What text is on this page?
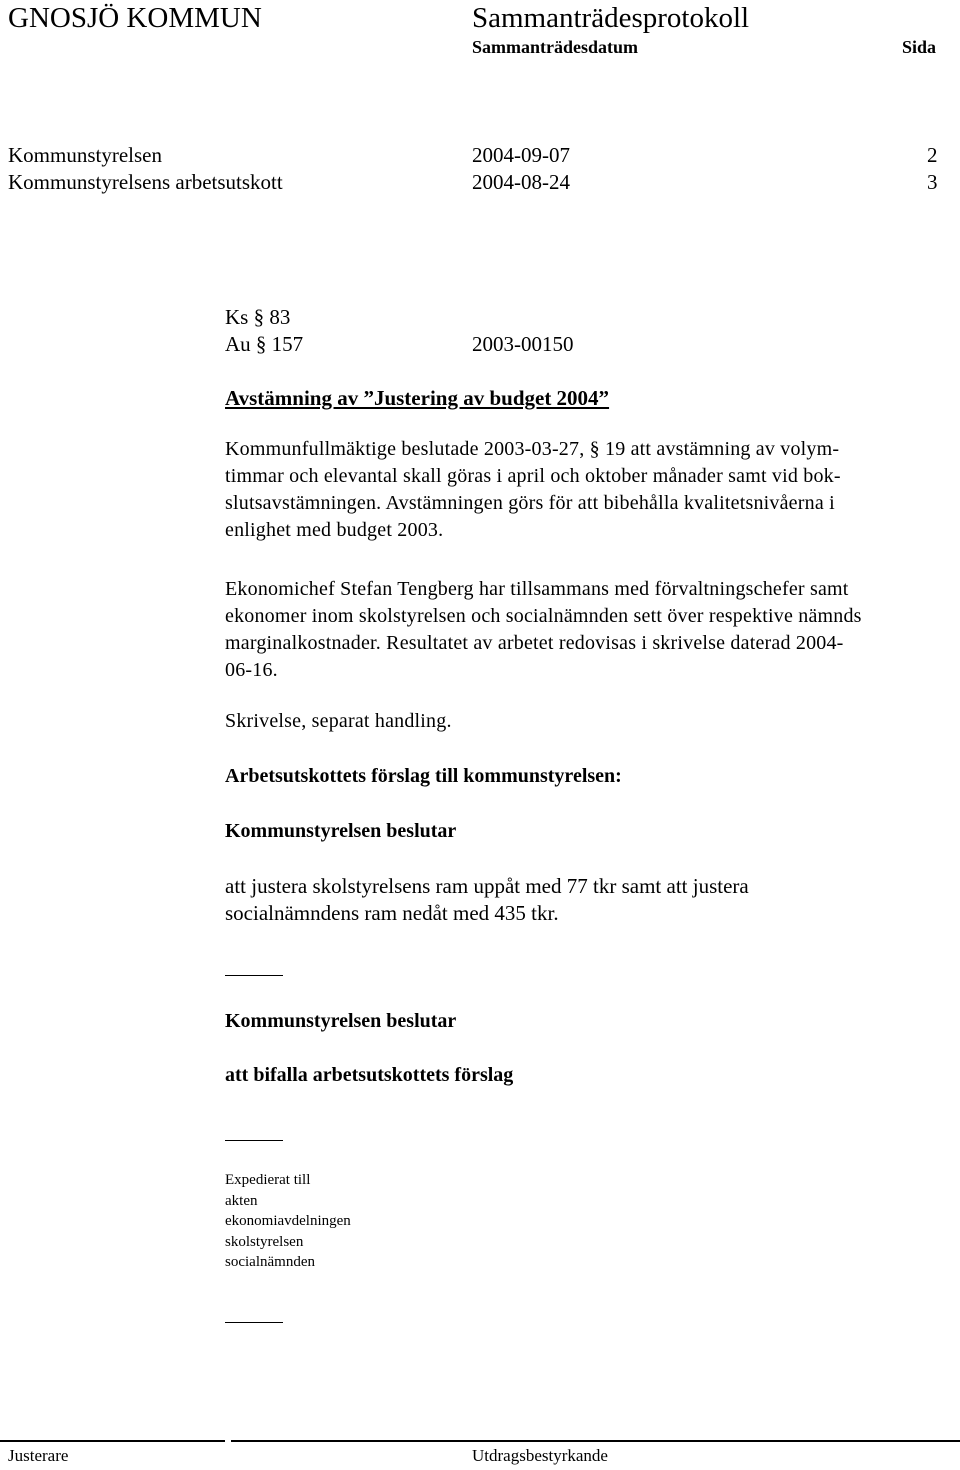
GNOSJÖ KOMMUN	Sammanträdesprotokoll
Sammanträdesdatum	Sida
Kommunstyrelsen	2004-09-07	2
Kommunstyrelsens arbetsutskott	2004-08-24	3
Ks § 83
Au § 157	2003-00150
Avstämning av ”Justering av budget 2004”
Kommunfullmäktige beslutade 2003-03-27, § 19 att avstämning av volym-
timmar och elevantal skall göras i april och oktober månader samt vid bok-
slutsavstämningen. Avstämningen görs för att bibehålla kvalitetsnivåerna i
enlighet med budget 2003.
Ekonomichef Stefan Tengberg har tillsammans med förvaltningschefer samt
ekonomer inom skolstyrelsen och socialnämnden sett över respektive nämnds
marginalkostnader. Resultatet av arbetet redovisas i skrivelse daterad 2004-
06-16.
Skrivelse, separat handling.
Arbetsutskottets förslag till kommunstyrelsen:
Kommunstyrelsen beslutar
att justera skolstyrelsens ram uppåt med 77 tkr samt att justera
socialnämndens ram nedåt med 435 tkr.
Kommunstyrelsen beslutar
att bifalla arbetsutskottets förslag
Expedierat till
akten
ekonomiavdelningen
skolstyrelsen
socialnämnden
Justerare	Utdragsbestyrkande
